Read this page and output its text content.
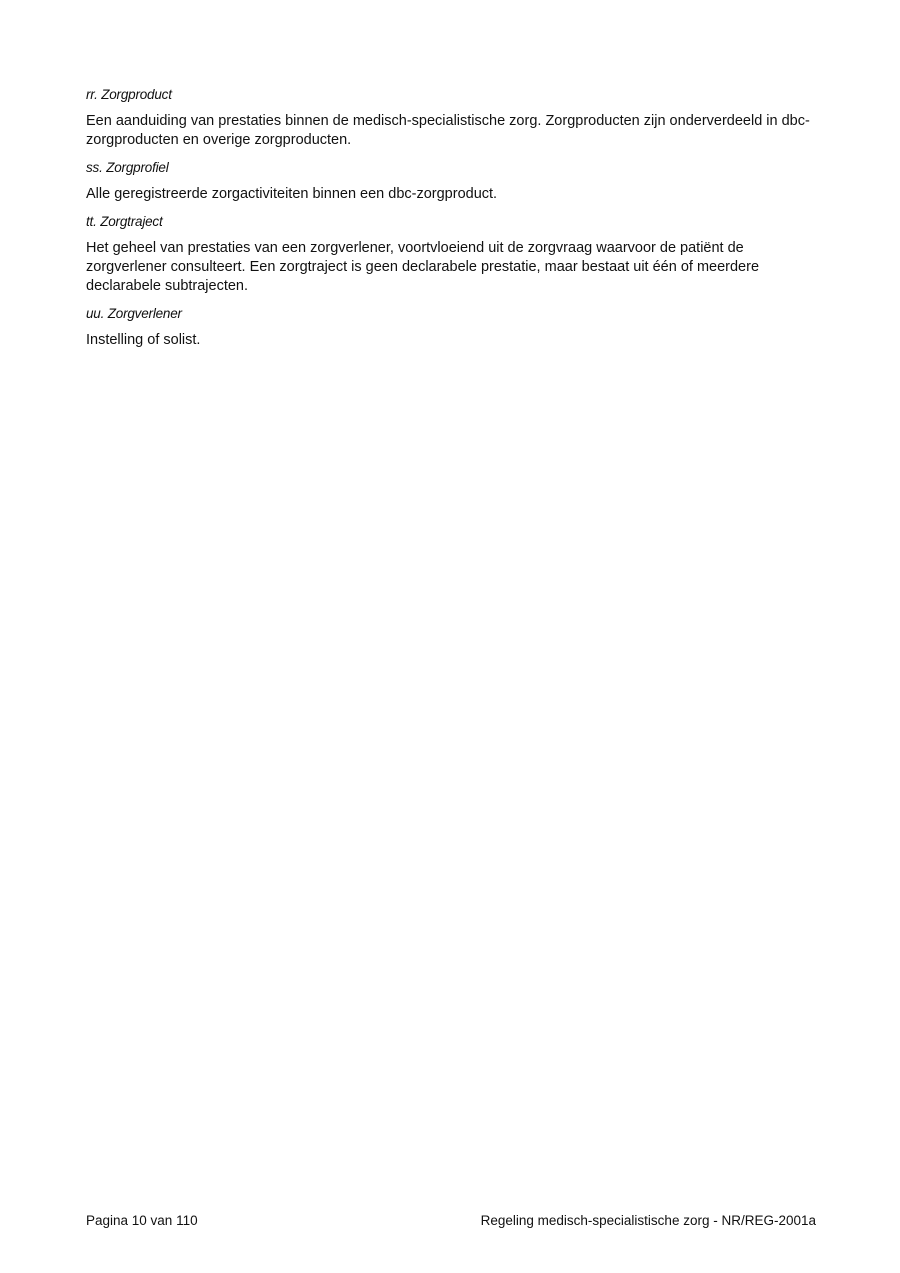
rr. Zorgproduct

Een aanduiding van prestaties binnen de medisch-specialistische zorg. Zorgproducten zijn onderverdeeld in dbc-zorgproducten en overige zorgproducten.

ss. Zorgprofiel

Alle geregistreerde zorgactiviteiten binnen een dbc-zorgproduct.

tt. Zorgtraject

Het geheel van prestaties van een zorgverlener, voortvloeiend uit de zorgvraag waarvoor de patiënt de zorgverlener consulteert. Een zorgtraject is geen declarabele prestatie, maar bestaat uit één of meerdere declarabele subtrajecten.

uu. Zorgverlener

Instelling of solist.

Pagina 10 van 110	Regeling medisch-specialistische zorg - NR/REG-2001a
